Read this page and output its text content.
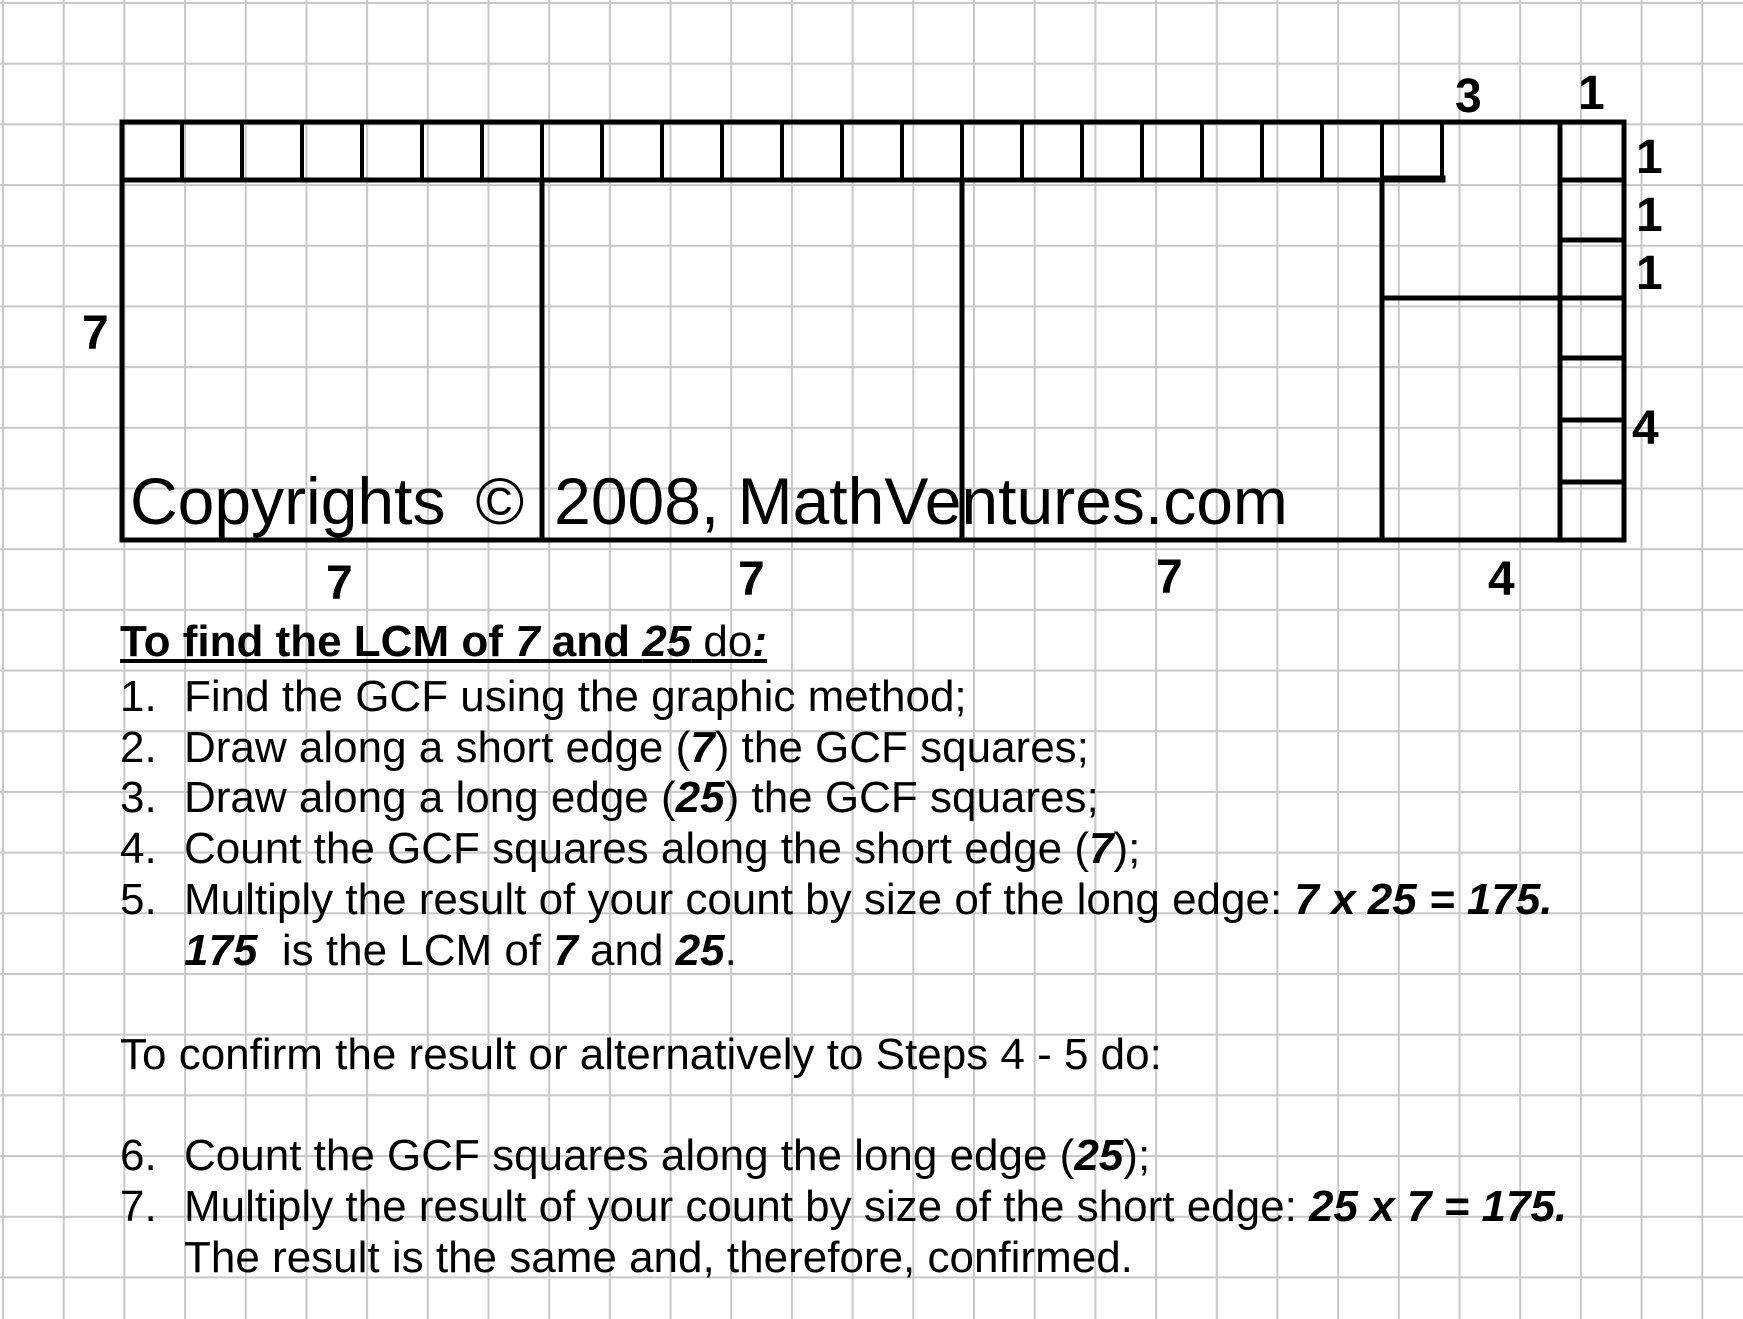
3 1
7
1
1
1
4
7	7	7	4
Copyrights © 2008, MathVentures.com
To find the LCM of 7 and 25 do:
1. Find the GCF using the graphic method;
2. Draw along a short edge (7) the GCF squares;
3. Draw along a long edge (25) the GCF squares;
4. Count the GCF squares along the short edge (7);
5. Multiply the result of your count by size of the long edge: 7 x 25 = 175.
175  is the LCM of 7 and 25.
To confirm the result or alternatively to Steps 4 - 5 do:
6. Count the GCF squares along the long edge (25);
7. Multiply the result of your count by size of the short edge: 25 x 7 = 175.
The result is the same and, therefore, confirmed.
